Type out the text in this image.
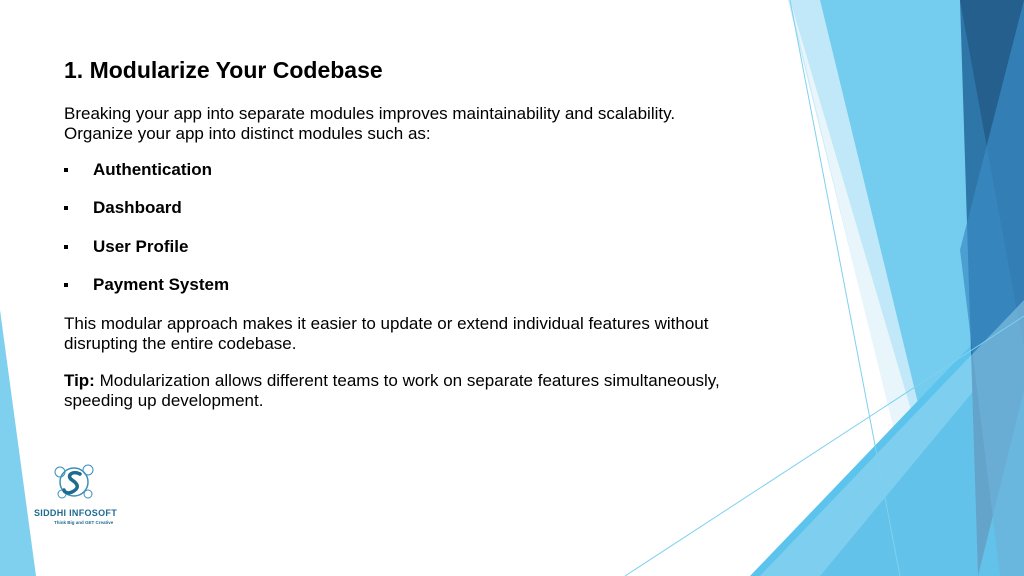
1. Modularize Your Codebase
Breaking your app into separate modules improves maintainability and scalability.
Organize your app into distinct modules such as:
Authentication
Dashboard
User Profile
Payment System
This modular approach makes it easier to update or extend individual features without
disrupting the entire codebase.
Tip: Modularization allows different teams to work on separate features simultaneously,
speeding up development.
SIDDHI INFOSOFT
Think Big and GET Creative
